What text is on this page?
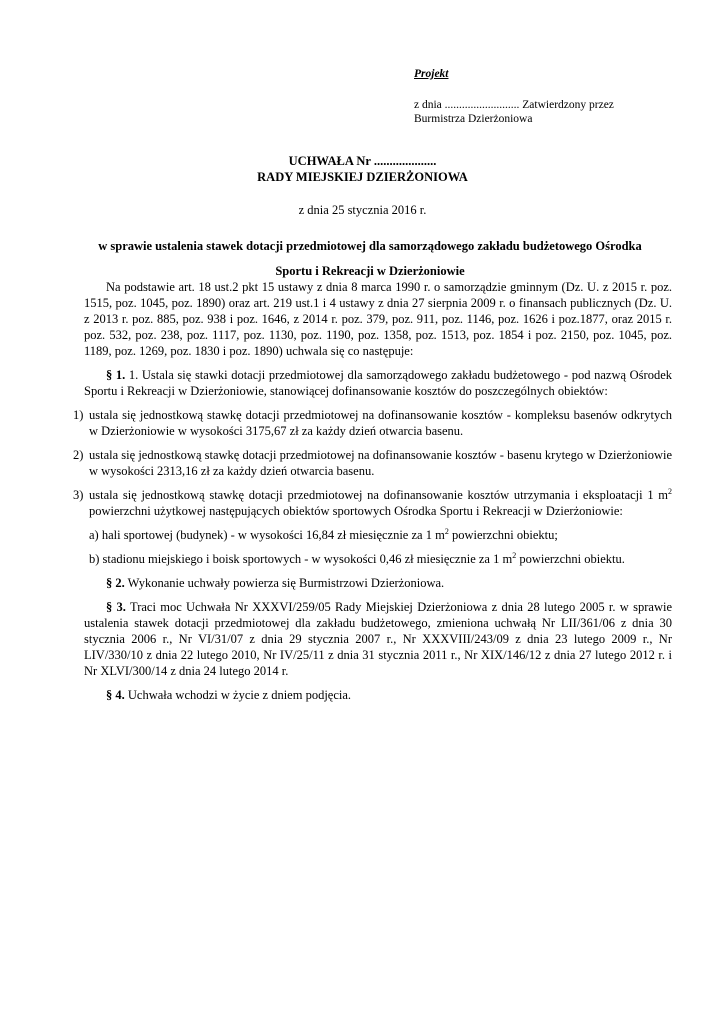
Projekt
z dnia .......................... Zatwierdzony przez
Burmistrza Dzierżoniowa
UCHWAŁA Nr ....................
RADY MIEJSKIEJ DZIERŻONIOWA
z dnia 25 stycznia 2016 r.
w sprawie ustalenia stawek dotacji przedmiotowej dla samorządowego zakładu budżetowego Ośrodka
Sportu i Rekreacji w Dzierżoniowie

Na podstawie art. 18 ust.2 pkt 15 ustawy z dnia 8 marca 1990 r. o samorządzie gminnym (Dz. U. z 2015 r. poz. 1515, poz. 1045, poz. 1890) oraz art. 219 ust.1 i 4 ustawy z dnia 27 sierpnia 2009 r. o finansach publicznych (Dz. U. z 2013 r. poz. 885, poz. 938 i poz. 1646, z 2014 r. poz. 379, poz. 911, poz. 1146, poz. 1626 i poz.1877, oraz 2015 r. poz. 532, poz. 238, poz. 1117, poz. 1130, poz. 1190, poz. 1358, poz. 1513, poz. 1854 i poz. 2150, poz. 1045, poz. 1189, poz. 1269, poz. 1830 i poz. 1890) uchwala się co następuje:

§ 1. 1. Ustala się stawki dotacji przedmiotowej dla samorządowego zakładu budżetowego - pod nazwą Ośrodek Sportu i Rekreacji w Dzierżoniowie, stanowiącej dofinansowanie kosztów do poszczególnych obiektów:

1) ustala się jednostkową stawkę dotacji przedmiotowej na dofinansowanie kosztów - kompleksu basenów odkrytych w Dzierżoniowie w wysokości 3175,67 zł za każdy dzień otwarcia basenu.

2) ustala się jednostkową stawkę dotacji przedmiotowej na dofinansowanie kosztów - basenu krytego w Dzierżoniowie w wysokości 2313,16 zł za każdy dzień otwarcia basenu.

3) ustala się jednostkową stawkę dotacji przedmiotowej na dofinansowanie kosztów utrzymania i eksploatacji 1 $m^2$ powierzchni użytkowej następujących obiektów sportowych Ośrodka Sportu i Rekreacji w Dzierżoniowie:

a) hali sportowej (budynek) - w wysokości 16,84 zł miesięcznie za 1 $m^2$ powierzchni obiektu;

b) stadionu miejskiego i boisk sportowych - w wysokości 0,46 zł miesięcznie za 1 $m^2$ powierzchni obiektu.

§ 2. Wykonanie uchwały powierza się Burmistrzowi Dzierżoniowa.

§ 3. Traci moc Uchwała Nr XXXVI/259/05 Rady Miejskiej Dzierżoniowa z dnia 28 lutego 2005 r. w sprawie ustalenia stawek dotacji przedmiotowej dla zakładu budżetowego, zmieniona uchwałą Nr LII/361/06 z dnia 30 stycznia 2006 r., Nr VI/31/07 z dnia 29 stycznia 2007 r., Nr XXXVIII/243/09 z dnia 23 lutego 2009 r., Nr LIV/330/10 z dnia 22 lutego 2010, Nr IV/25/11 z dnia 31 stycznia 2011 r., Nr XIX/146/12 z dnia 27 lutego 2012 r. i Nr XLVI/300/14 z dnia 24 lutego 2014 r.

§ 4. Uchwała wchodzi w życie z dniem podjęcia.
